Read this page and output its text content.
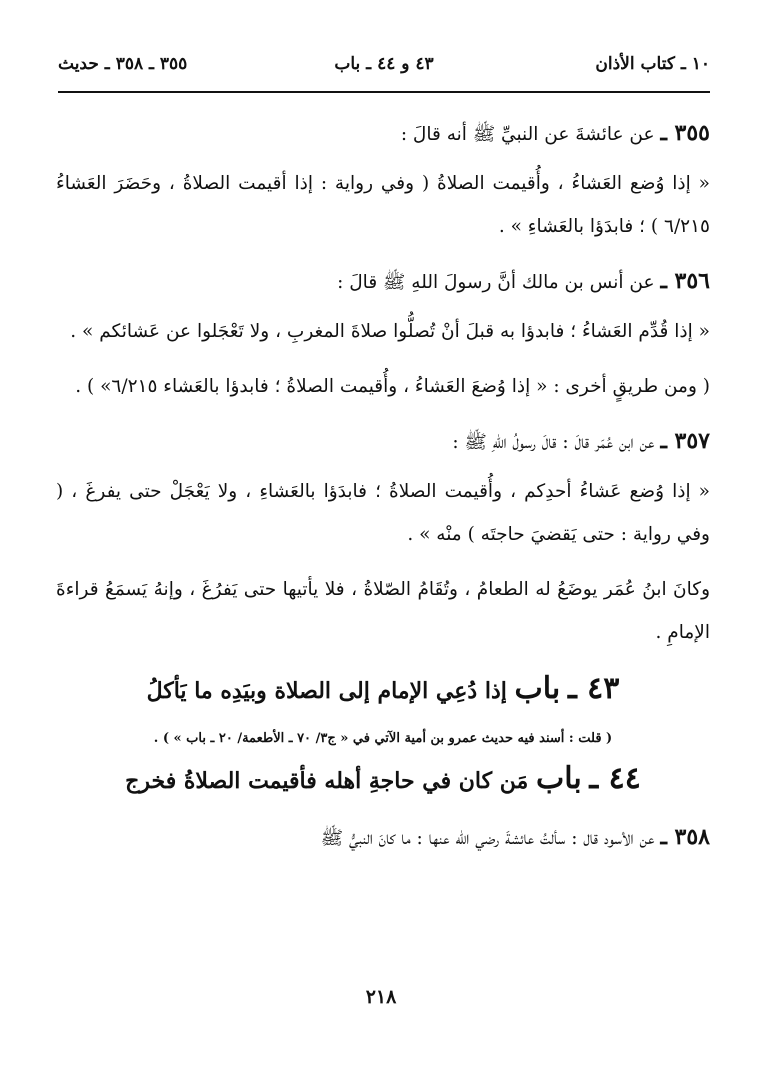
١٠ ـ كتاب الأذان
٤٣ و ٤٤ ـ باب
٣٥٥ ـ ٣٥٨ ـ حديث

٣٥٥ ـ عن عائشةَ عن النبيِّ ﷺ أنه قالَ :

« إذا وُضع العَشاءُ ، وأُقيمت الصلاةُ ( وفي رواية : إذا أقيمت الصلاةُ ، وحَضَرَ العَشاءُ ٦/٢١٥ ) ؛ فابدَؤا بالعَشاءِ » .

٣٥٦ ـ عن أنس بن مالك أنَّ رسولَ اللهِ ﷺ قالَ :

« إذا قُدِّم العَشاءُ ؛ فابدؤا به قبلَ أنْ تُصلُّوا صلاةَ المغربِ ، ولا تَعْجَلوا عن عَشائكم » .

( ومن طريقٍ أخرى : « إذا وُضعَ العَشاءُ ، وأُقيمت الصلاةُ ؛ فابدؤا بالعَشاء ٦/٢١٥» ) .

٣٥٧ ـ عن ابن عُمَر قالَ : قالَ رسولُ اللهِ ﷺ :

« إذا وُضع عَشاءُ أحدِكم ، وأُقيمت الصلاةُ ؛ فابدَؤا بالعَشاءِ ، ولا يَعْجَلْ حتى يفرغَ ، ( وفي رواية : حتى يَقضيَ حاجتَه ) منْه » .

وكانَ ابنُ عُمَر يوضَعُ له الطعامُ ، وتُقَامُ الصّلاةُ ، فلا يأتيها حتى يَفرُغَ ، وإنهُ يَسمَعُ قراءةَ الإمامِ .

٤٣ ـ باب إذا دُعِي الإمام إلى الصلاة وبيَدِه ما يَأكلُ

( قلت : أسند فيه حديث عمرو بن أمية الآتي في « ج٣/ ٧٠ ـ الأطعمة/ ٢٠ ـ باب » ) .

٤٤ ـ باب مَن كان في حاجةِ أهله فأقيمت الصلاةُ فخرج

٣٥٨ ـ عن الأسود قال : سألتُ عائشةَ رضي الله عنها : ما كانَ النبيُّ ﷺ

٢١٨
